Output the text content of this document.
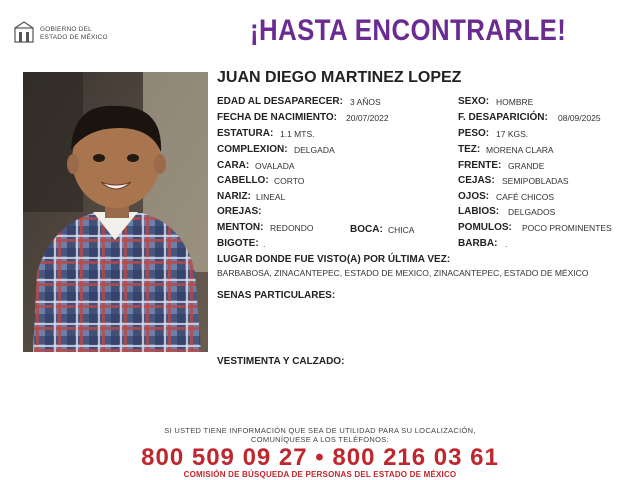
GOBIERNO DEL
ESTADO DE MÉXICO	¡HASTA ENCONTRARLE!
JUAN DIEGO MARTINEZ LOPEZ
EDAD AL DESAPARECER: 3 AÑOS
FECHA DE NACIMIENTO: 20/07/2022
ESTATURA: 1.1 MTS.
COMPLEXION: DELGADA
CARA: OVALADA
CABELLO: CORTO
NARIZ: LINEAL
OREJAS:
MENTON: REDONDO	BOCA: CHICA
BIGOTE: .
SEXO: HOMBRE
F. DESAPARICIÓN: 08/09/2025
PESO: 17 KGS.
TEZ: MORENA CLARA
FRENTE: GRANDE
CEJAS: SEMIPOBLADAS
OJOS: CAFÉ CHICOS
LABIOS: DELGADOS
POMULOS: POCO PROMINENTES
BARBA: .
LUGAR DONDE FUE VISTO(A) POR ÚLTIMA VEZ:
BARBABOSA, ZINACANTEPEC, ESTADO DE MEXICO, ZINACANTEPEC, ESTADO DE MÉXICO
SENAS PARTICULARES:
VESTIMENTA Y CALZADO:
SI USTED TIENE INFORMACIÓN QUE SEA DE UTILIDAD PARA SU LOCALIZACIÓN,
COMUNÍQUESE A LOS TELÉFONOS:
800 509 09 27 • 800 216 03 61
COMISIÓN DE BÚSQUEDA DE PERSONAS DEL ESTADO DE MÉXICO
